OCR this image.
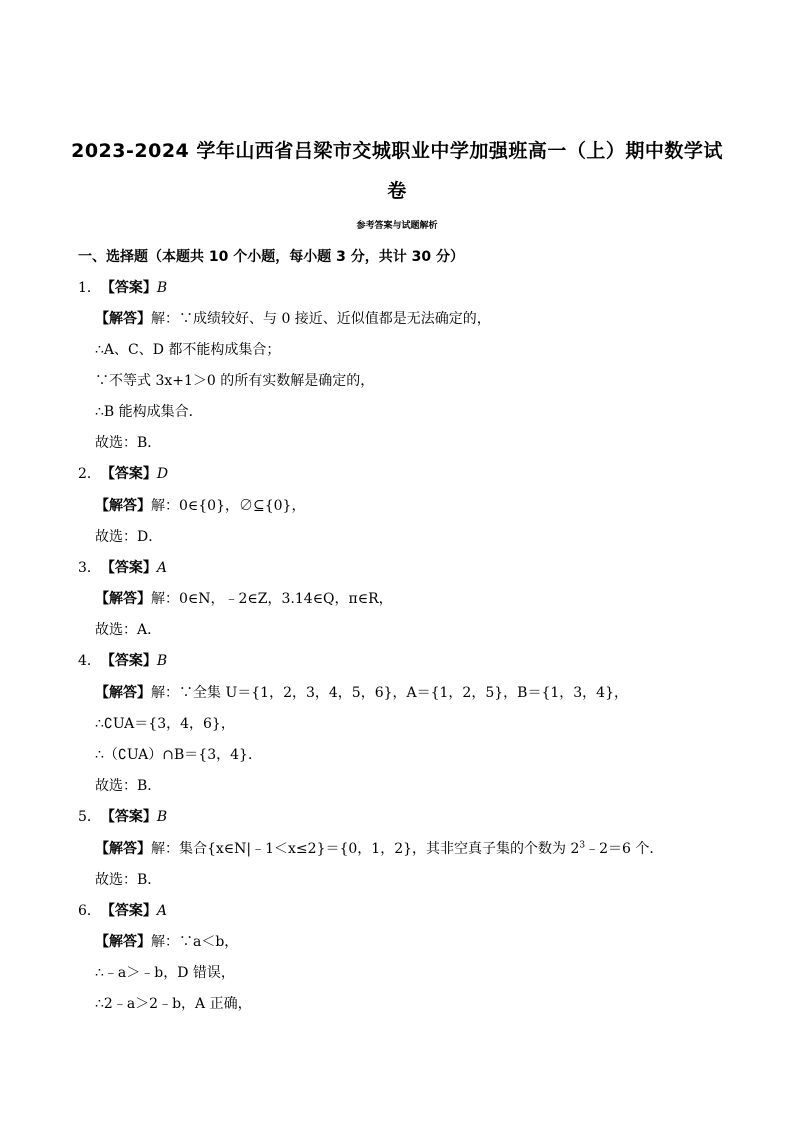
2023-2024 学年山西省吕梁市交城职业中学加强班高一（上）期中数学试
卷
参考答案与试题解析
一、选择题（本题共 10 个小题，每小题 3 分，共计 30 分）
1．【答案】B
【解答】解：∵成绩较好、与 0 接近、近似值都是无法确定的，
∴A、C、D 都不能构成集合；
∵不等式 3x+1＞0 的所有实数解是确定的，
∴B 能构成集合．
故选：B．
2．【答案】D
【解答】解：0∈{0}，∅⊆{0}，
故选：D．
3．【答案】A
【解答】解：0∈N，﹣2∈Z，3.14∈Q，π∈R，
故选：A．
4．【答案】B
【解答】解：∵全集 U＝{1，2，3，4，5，6}，A＝{1，2，5}，B＝{1，3，4}，
∴∁UA＝{3，4，6}，
∴（∁UA）∩B＝{3，4}．
故选：B．
5．【答案】B
【解答】解：集合{x∈N|﹣1＜x≤2}＝{0，1，2}，其非空真子集的个数为 $2^3﹣2=6$ 个．
故选：B．
6．【答案】A
【解答】解：∵a＜b，
∴﹣a＞﹣b，D 错误，
∴2﹣a＞2﹣b，A 正确，
